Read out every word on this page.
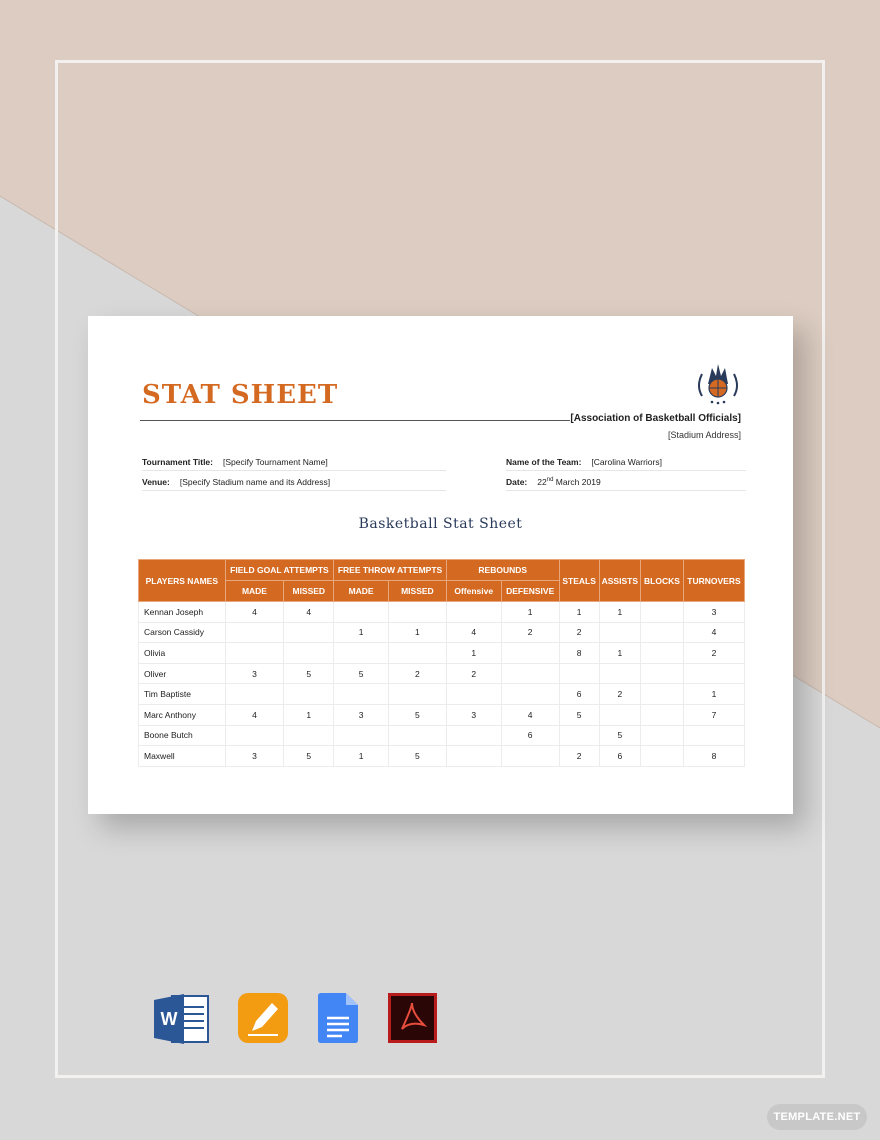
STAT SHEET
[Association of Basketball Officials]
[Stadium Address]
Tournament Title: [Specify Tournament Name]
Venue: [Specify Stadium name and its Address]
Name of the Team: [Carolina Warriors]
Date: 22nd March 2019
Basketball Stat Sheet
PLAYERS NAMES	FIELD GOAL ATTEMPTS		FREE THROW ATTEMPTS		REBOUNDS		STEALS	ASSISTS	BLOCKS	TURNOVERS
	MADE	MISSED	MADE	MISSED	Offensive	DEFENSIVE				
Kennan Joseph	4	4				1	1	1		3
Carson Cassidy			1	1	4	2	2			4
Olivia					1		8	1		2
Oliver	3	5	5	2	2					
Tim Baptiste							6	2		1
Marc Anthony	4	1	3	5	3	4	5			7
Boone Butch						6		5		
Maxwell	3	5	1	5			2	6		8
W
TEMPLATE.NET
